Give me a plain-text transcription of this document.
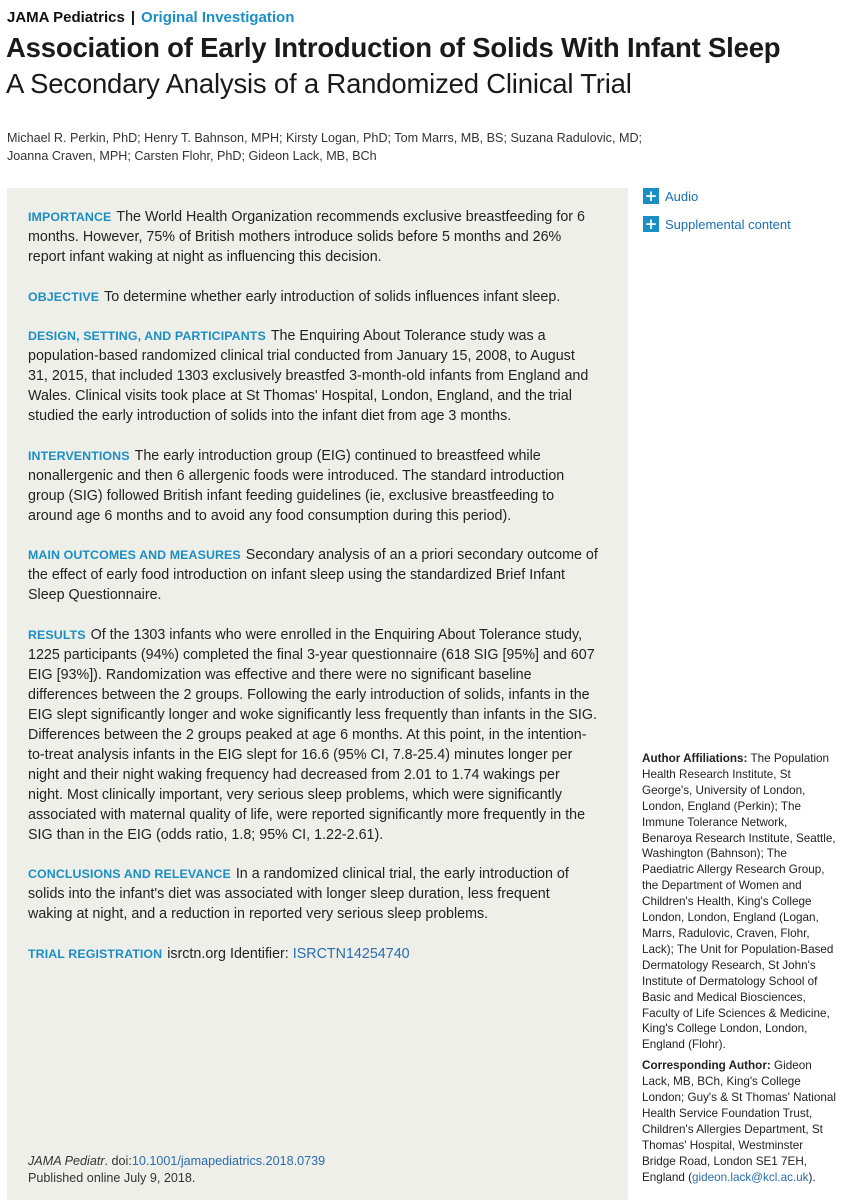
JAMA Pediatrics | Original Investigation
Association of Early Introduction of Solids With Infant Sleep
A Secondary Analysis of a Randomized Clinical Trial
Michael R. Perkin, PhD; Henry T. Bahnson, MPH; Kirsty Logan, PhD; Tom Marrs, MB, BS; Suzana Radulovic, MD;
Joanna Craven, MPH; Carsten Flohr, PhD; Gideon Lack, MB, BCh

IMPORTANCE The World Health Organization recommends exclusive breastfeeding for 6 months. However, 75% of British mothers introduce solids before 5 months and 26% report infant waking at night as influencing this decision.

OBJECTIVE To determine whether early introduction of solids influences infant sleep.

DESIGN, SETTING, AND PARTICIPANTS The Enquiring About Tolerance study was a population-based randomized clinical trial conducted from January 15, 2008, to August 31, 2015, that included 1303 exclusively breastfed 3-month-old infants from England and Wales. Clinical visits took place at St Thomas' Hospital, London, England, and the trial studied the early introduction of solids into the infant diet from age 3 months.

INTERVENTIONS The early introduction group (EIG) continued to breastfeed while nonallergenic and then 6 allergenic foods were introduced. The standard introduction group (SIG) followed British infant feeding guidelines (ie, exclusive breastfeeding to around age 6 months and to avoid any food consumption during this period).

MAIN OUTCOMES AND MEASURES Secondary analysis of an a priori secondary outcome of the effect of early food introduction on infant sleep using the standardized Brief Infant Sleep Questionnaire.

RESULTS Of the 1303 infants who were enrolled in the Enquiring About Tolerance study, 1225 participants (94%) completed the final 3-year questionnaire (618 SIG [95%] and 607 EIG [93%]). Randomization was effective and there were no significant baseline differences between the 2 groups. Following the early introduction of solids, infants in the EIG slept significantly longer and woke significantly less frequently than infants in the SIG. Differences between the 2 groups peaked at age 6 months. At this point, in the intention-to-treat analysis infants in the EIG slept for 16.6 (95% CI, 7.8-25.4) minutes longer per night and their night waking frequency had decreased from 2.01 to 1.74 wakings per night. Most clinically important, very serious sleep problems, which were significantly associated with maternal quality of life, were reported significantly more frequently in the SIG than in the EIG (odds ratio, 1.8; 95% CI, 1.22-2.61).

CONCLUSIONS AND RELEVANCE In a randomized clinical trial, the early introduction of solids into the infant's diet was associated with longer sleep duration, less frequent waking at night, and a reduction in reported very serious sleep problems.

TRIAL REGISTRATION isrctn.org Identifier: ISRCTN14254740

JAMA Pediatr. doi:10.1001/jamapediatrics.2018.0739
Published online July 9, 2018.
+ Audio
+ Supplemental content

Author Affiliations: The Population Health Research Institute, St George's, University of London, London, England (Perkin); The Immune Tolerance Network, Benaroya Research Institute, Seattle, Washington (Bahnson); The Paediatric Allergy Research Group, the Department of Women and Children's Health, King's College London, London, England (Logan, Marrs, Radulovic, Craven, Flohr, Lack); The Unit for Population-Based Dermatology Research, St John's Institute of Dermatology School of Basic and Medical Biosciences, Faculty of Life Sciences & Medicine, King's College London, London, England (Flohr).

Corresponding Author: Gideon Lack, MB, BCh, King's College London; Guy's & St Thomas' National Health Service Foundation Trust, Children's Allergies Department, St Thomas' Hospital, Westminster Bridge Road, London SE1 7EH, England (gideon.lack@kcl.ac.uk).
